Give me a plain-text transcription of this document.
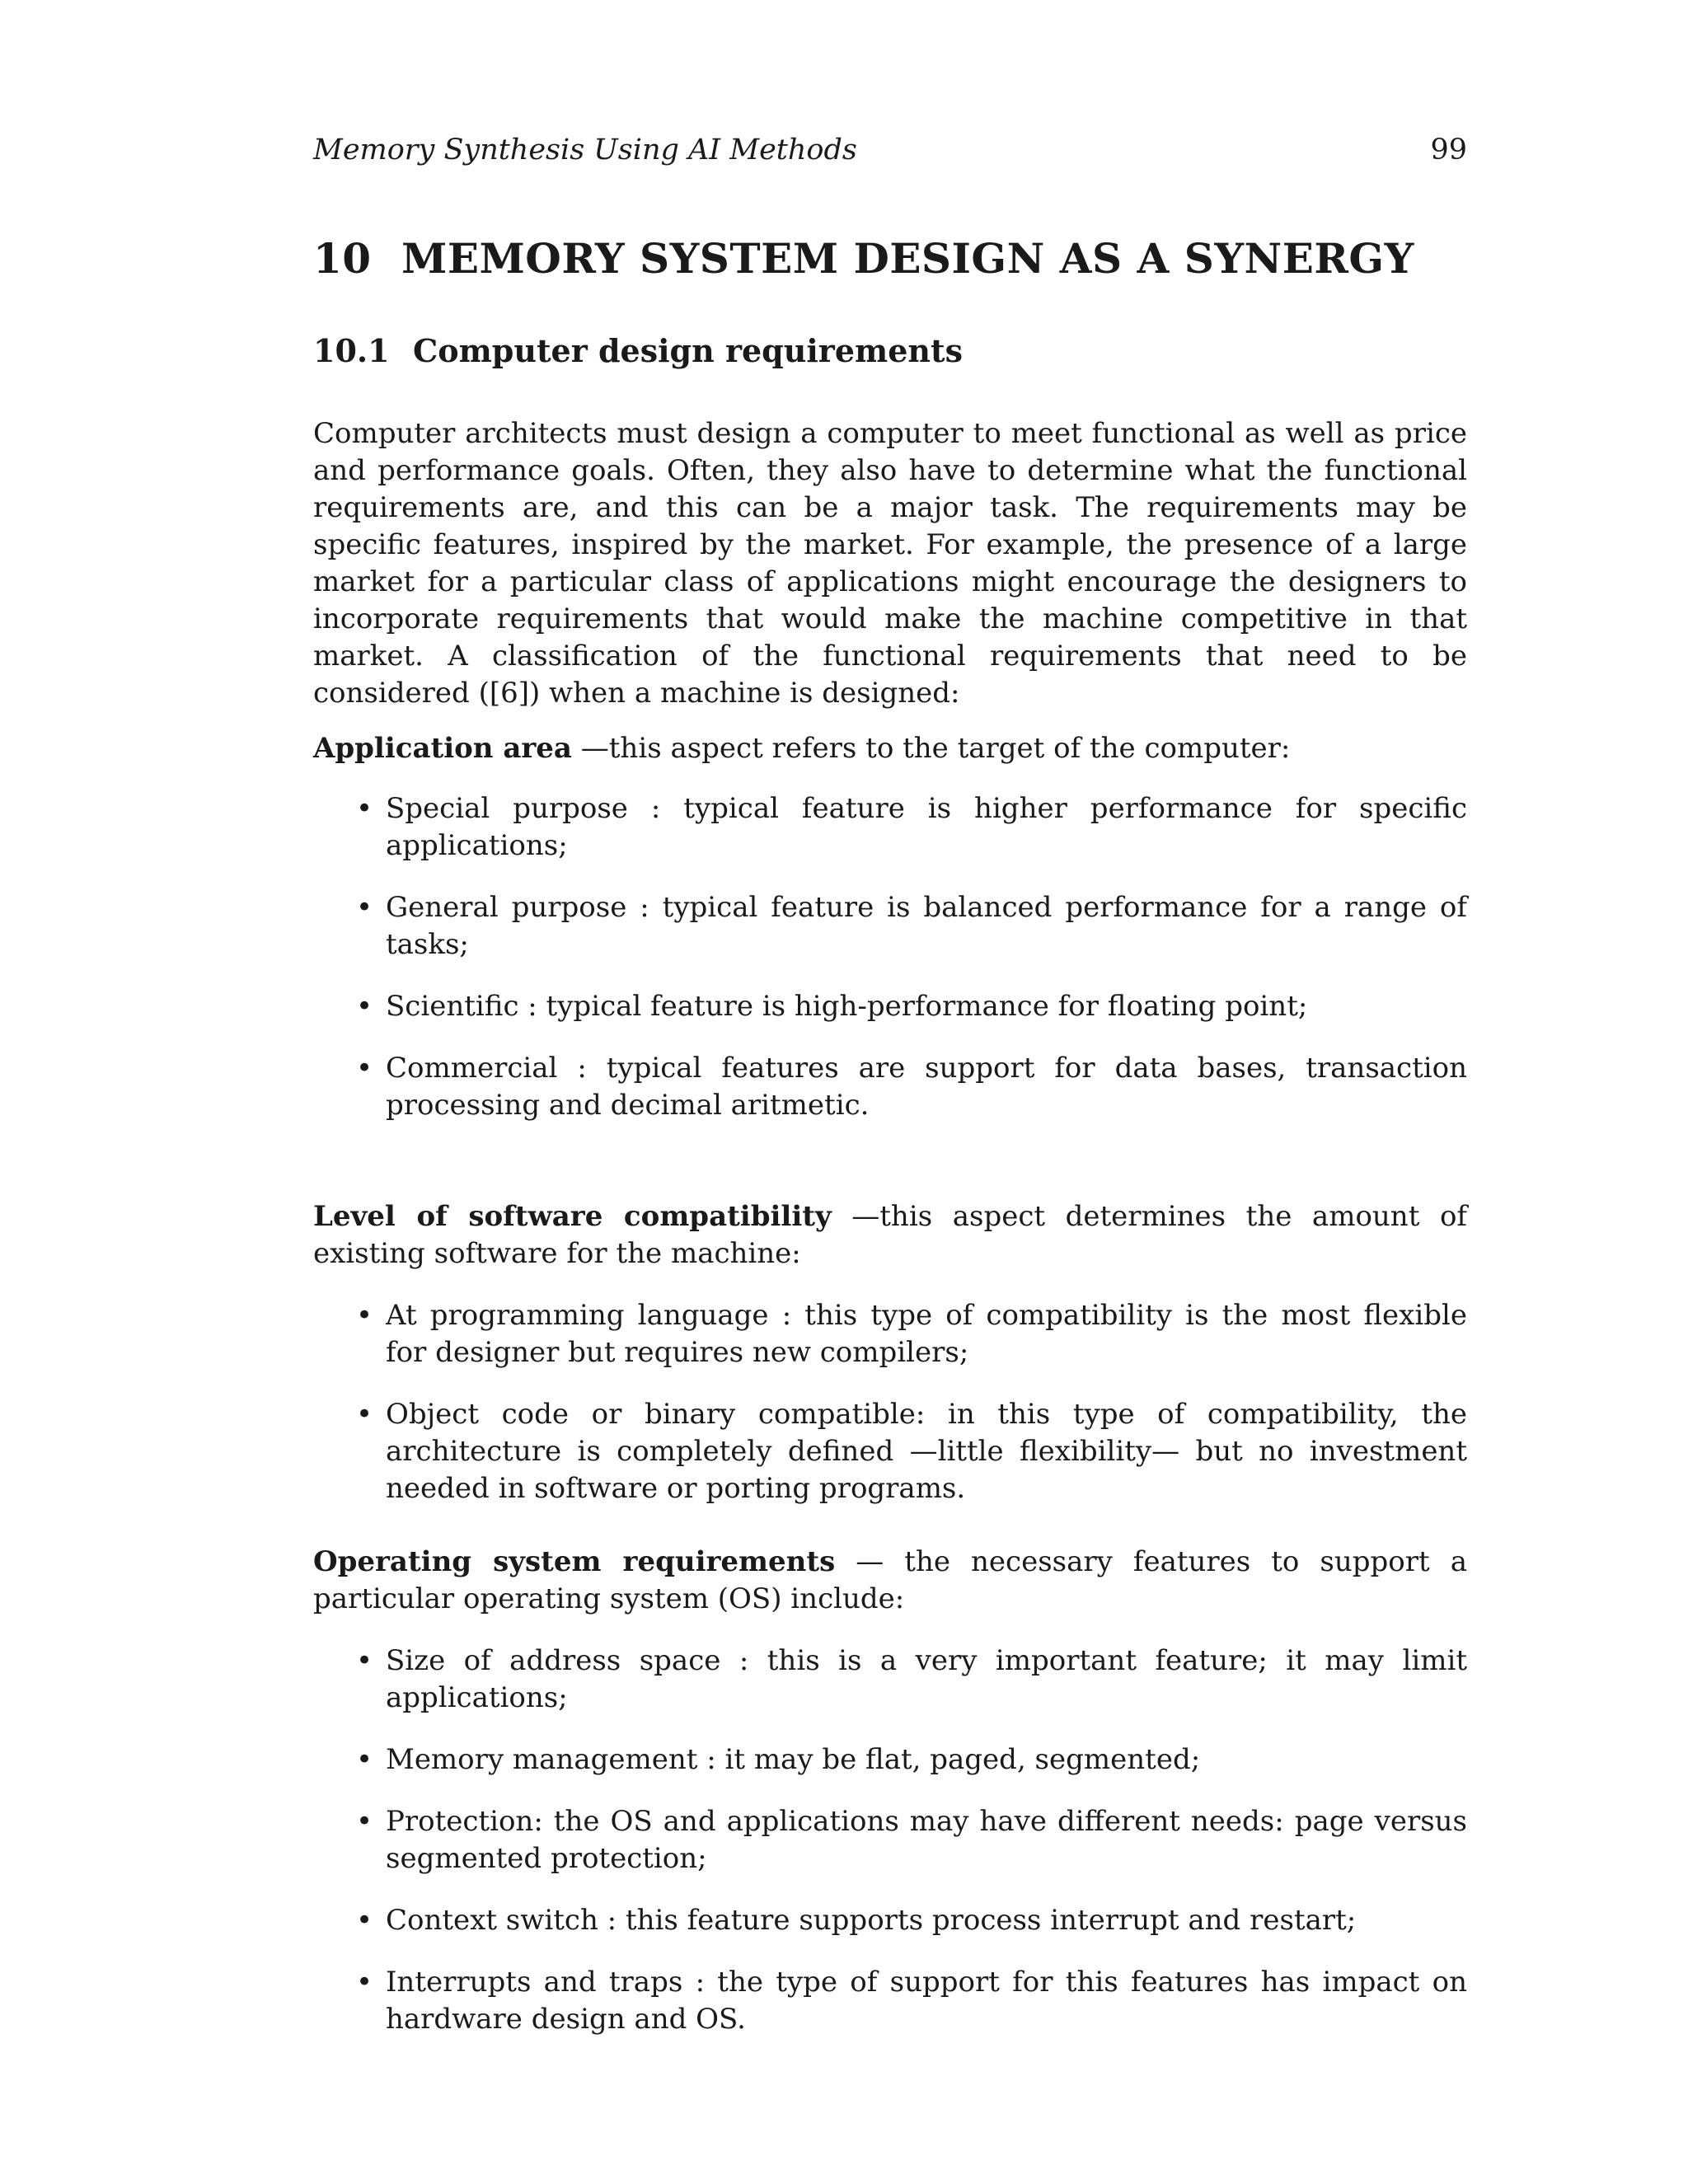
Memory Synthesis Using AI Methods	99
10 MEMORY SYSTEM DESIGN AS A SYNERGY
10.1 Computer design requirements

Computer architects must design a computer to meet functional as well as price and performance goals. Often, they also have to determine what the functional requirements are, and this can be a major task. The requirements may be specific features, inspired by the market. For example, the presence of a large market for a particular class of applications might encourage the designers to incorporate requirements that would make the machine competitive in that market. A classification of the functional requirements that need to be considered ([6]) when a machine is designed:

Application area —this aspect refers to the target of the computer:

• Special purpose : typical feature is higher performance for specific applications;
• General purpose : typical feature is balanced performance for a range of tasks;
• Scientific : typical feature is high-performance for floating point;
• Commercial : typical features are support for data bases, transaction processing and decimal aritmetic.

Level of software compatibility —this aspect determines the amount of existing software for the machine:

• At programming language : this type of compatibility is the most flexible for designer but requires new compilers;
• Object code or binary compatible: in this type of compatibility, the architecture is completely defined —little flexibility— but no investment needed in software or porting programs.

Operating system requirements — the necessary features to support a particular operating system (OS) include:

• Size of address space : this is a very important feature; it may limit applications;
• Memory management : it may be flat, paged, segmented;
• Protection: the OS and applications may have different needs: page versus segmented protection;
• Context switch : this feature supports process interrupt and restart;
• Interrupts and traps : the type of support for this features has impact on hardware design and OS.
